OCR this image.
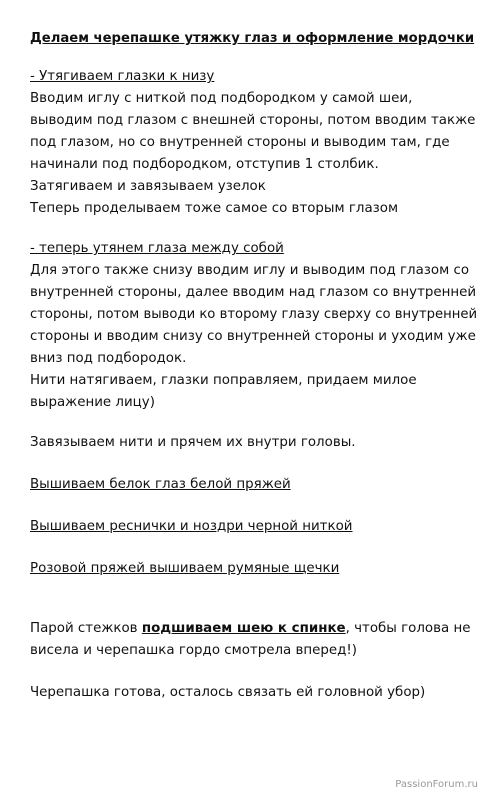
Делаем черепашке утяжку глаз и оформление мордочки

- Утягиваем глазки к низу

Вводим иглу с ниткой под подбородком у самой шеи,

выводим под глазом с внешней стороны, потом вводим также

под глазом, но со внутренней стороны и выводим там, где

начинали под подбородком, отступив 1 столбик.

Затягиваем и завязываем узелок

Теперь проделываем тоже самое со вторым глазом

- теперь утянем глаза между собой

Для этого также снизу вводим иглу и выводим под глазом со

внутренней стороны, далее вводим над глазом со внутренней

стороны, потом выводи ко второму глазу сверху со внутренней

стороны и вводим снизу со внутренней стороны и уходим уже

вниз под подбородок.

Нити натягиваем, глазки поправляем, придаем милое

выражение лицу)

Завязываем нити и прячем их внутри головы.

Вышиваем белок глаз белой пряжей

Вышиваем реснички и ноздри черной ниткой

Розовой пряжей вышиваем румяные щечки

Парой стежков подшиваем шею к спинке, чтобы голова не

висела и черепашка гордо смотрела вперед!)

Черепашка готова, осталось связать ей головной убор)

PassionForum.ru
